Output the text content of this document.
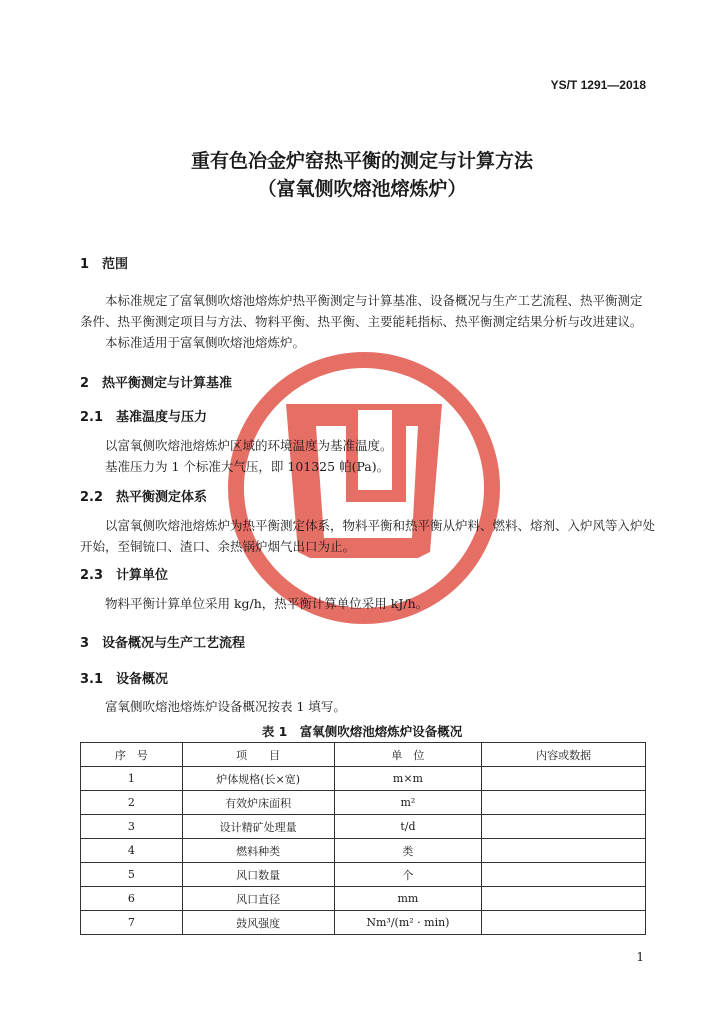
YS/T 1291—2018
重有色冶金炉窑热平衡的测定与计算方法
（富氧侧吹熔池熔炼炉）
1　范围
本标准规定了富氧侧吹熔池熔炼炉热平衡测定与计算基准、设备概况与生产工艺流程、热平衡测定
条件、热平衡测定项目与方法、物料平衡、热平衡、主要能耗指标、热平衡测定结果分析与改进建议。
本标准适用于富氧侧吹熔池熔炼炉。
2　热平衡测定与计算基准
2.1　基准温度与压力
以富氧侧吹熔池熔炼炉区域的环境温度为基准温度。
基准压力为 1 个标准大气压，即 101325 帕(Pa)。
2.2　热平衡测定体系
以富氧侧吹熔池熔炼炉为热平衡测定体系，物料平衡和热平衡从炉料、燃料、熔剂、入炉风等入炉处
开始，至铜锍口、渣口、余热锅炉烟气出口为止。
2.3　计算单位
物料平衡计算单位采用 kg/h，热平衡计算单位采用 kJ/h。
3　设备概况与生产工艺流程
3.1　设备概况
富氧侧吹熔池熔炼炉设备概况按表 1 填写。
表 1　富氧侧吹熔池熔炼炉设备概况
序　号	项　　目	单　位	内容或数据
1	炉体规格(长×宽)	m×m	
2	有效炉床面积	m²	
3	设计精矿处理量	t/d	
4	燃料种类	类	
5	风口数量	个	
6	风口直径	mm	
7	鼓风强度	Nm³/(m² · min)	
1
